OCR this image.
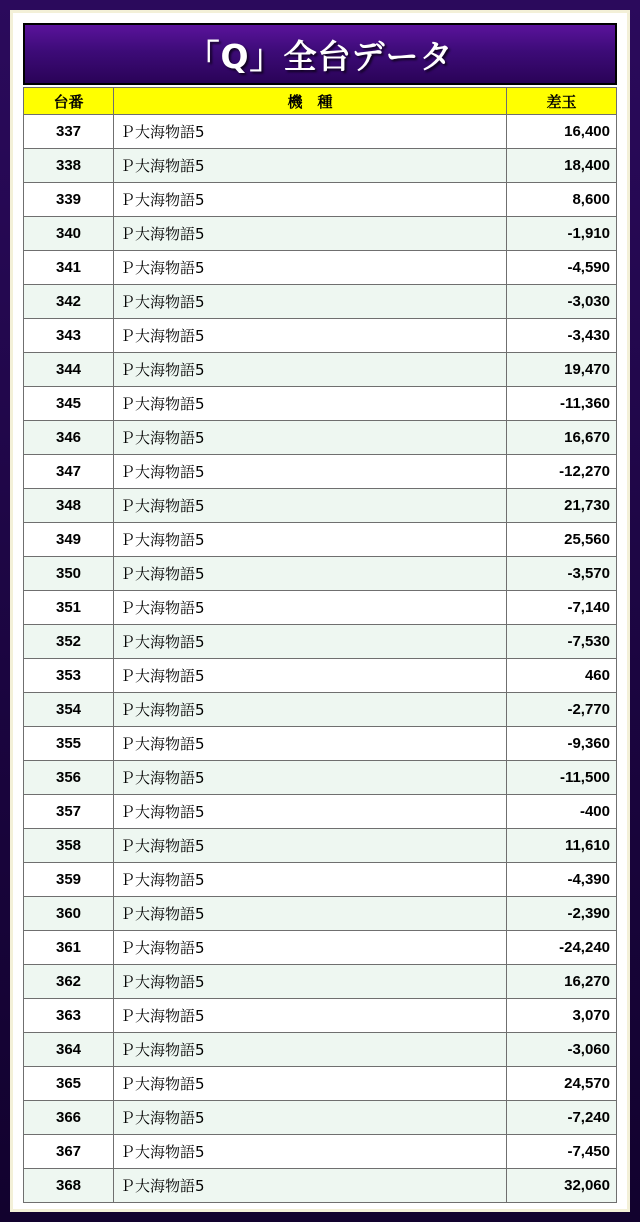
「Q」全台データ
台番	機　種	差玉
337	Ｐ大海物語5	16,400
338	Ｐ大海物語5	18,400
339	Ｐ大海物語5	8,600
340	Ｐ大海物語5	-1,910
341	Ｐ大海物語5	-4,590
342	Ｐ大海物語5	-3,030
343	Ｐ大海物語5	-3,430
344	Ｐ大海物語5	19,470
345	Ｐ大海物語5	-11,360
346	Ｐ大海物語5	16,670
347	Ｐ大海物語5	-12,270
348	Ｐ大海物語5	21,730
349	Ｐ大海物語5	25,560
350	Ｐ大海物語5	-3,570
351	Ｐ大海物語5	-7,140
352	Ｐ大海物語5	-7,530
353	Ｐ大海物語5	460
354	Ｐ大海物語5	-2,770
355	Ｐ大海物語5	-9,360
356	Ｐ大海物語5	-11,500
357	Ｐ大海物語5	-400
358	Ｐ大海物語5	11,610
359	Ｐ大海物語5	-4,390
360	Ｐ大海物語5	-2,390
361	Ｐ大海物語5	-24,240
362	Ｐ大海物語5	16,270
363	Ｐ大海物語5	3,070
364	Ｐ大海物語5	-3,060
365	Ｐ大海物語5	24,570
366	Ｐ大海物語5	-7,240
367	Ｐ大海物語5	-7,450
368	Ｐ大海物語5	32,060
